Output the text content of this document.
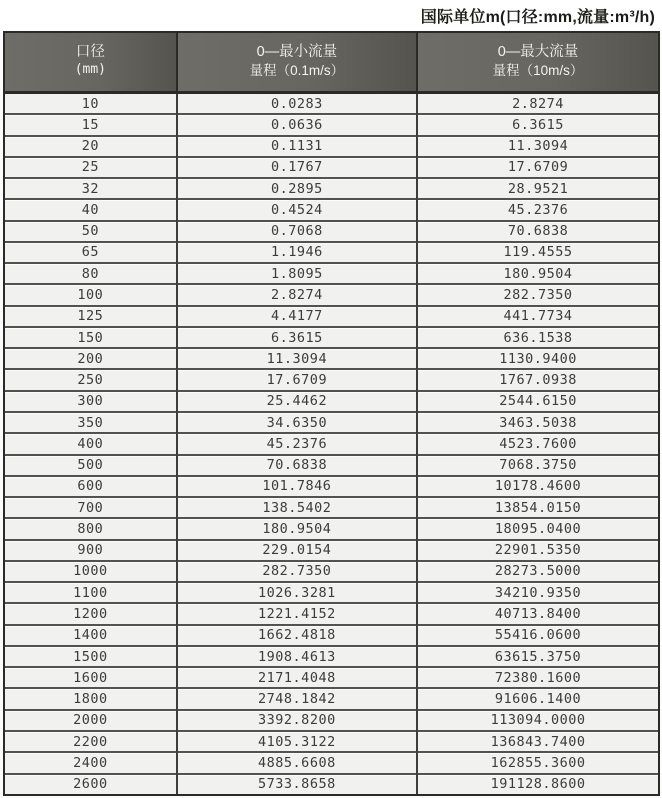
国际单位m(口径:mm,流量:m³/h)
口径
(mm)

0—最小流量
量程（0.1m/s）

0—最大流量
量程（10m/s）

10	0.0283	2.8274
15	0.0636	6.3615
20	0.1131	11.3094
25	0.1767	17.6709
32	0.2895	28.9521
40	0.4524	45.2376
50	0.7068	70.6838
65	1.1946	119.4555
80	1.8095	180.9504
100	2.8274	282.7350
125	4.4177	441.7734
150	6.3615	636.1538
200	11.3094	1130.9400
250	17.6709	1767.0938
300	25.4462	2544.6150
350	34.6350	3463.5038
400	45.2376	4523.7600
500	70.6838	7068.3750
600	101.7846	10178.4600
700	138.5402	13854.0150
800	180.9504	18095.0400
900	229.0154	22901.5350
1000	282.7350	28273.5000
1100	1026.3281	34210.9350
1200	1221.4152	40713.8400
1400	1662.4818	55416.0600
1500	1908.4613	63615.3750
1600	2171.4048	72380.1600
1800	2748.1842	91606.1400
2000	3392.8200	113094.0000
2200	4105.3122	136843.7400
2400	4885.6608	162855.3600
2600	5733.8658	191128.8600
